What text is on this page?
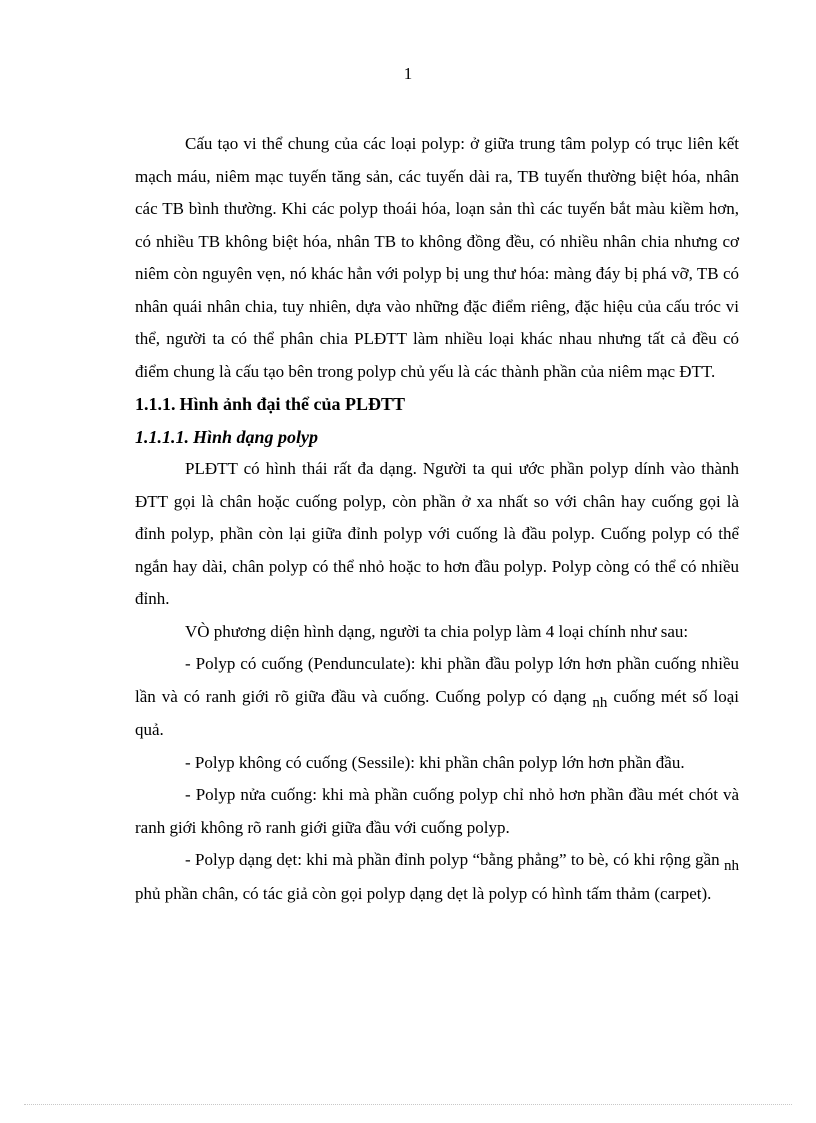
1

Cấu tạo vi thể chung của các loại polyp: ở giữa trung tâm polyp có trục liên kết mạch máu, niêm mạc tuyến tăng sản, các tuyến dài ra, TB tuyến thường biệt hóa, nhân các TB bình thường. Khi các polyp thoái hóa, loạn sản thì các tuyến bắt màu kiềm hơn, có nhiều TB không biệt hóa, nhân TB to không đồng đều, có nhiều nhân chia nhưng cơ niêm còn nguyên vẹn, nó khác hẳn với polyp bị ung thư hóa: màng đáy bị phá vỡ, TB có nhân quái nhân chia, tuy nhiên, dựa vào những đặc điểm riêng, đặc hiệu của cấu tróc vi thể, người ta có thể phân chia PLĐTT làm nhiều loại khác nhau nhưng tất cả đều có điểm chung là cấu tạo bên trong polyp chủ yếu là các thành phần của niêm mạc ĐTT.

1.1.1. Hình ảnh đại thể của PLĐTT
1.1.1.1. Hình dạng polyp

PLĐTT có hình thái rất đa dạng. Người ta qui ước phần polyp dính vào thành ĐTT gọi là chân hoặc cuống polyp, còn phần ở xa nhất so với chân hay cuống gọi là đỉnh polyp, phần còn lại giữa đỉnh polyp với cuống là đầu polyp. Cuống polyp có thể ngắn hay dài, chân polyp có thể nhỏ hoặc to hơn đầu polyp. Polyp còng có thể có nhiều đỉnh.

VÒ phương diện hình dạng, người ta chia polyp làm 4 loại chính như sau:

- Polyp có cuống (Pendunculate): khi phần đầu polyp lớn hơn phần cuống nhiều lần và có ranh giới rõ giữa đầu và cuống. Cuống polyp có dạng nh cuống mét số loại quả.

- Polyp không có cuống (Sessile): khi phần chân polyp lớn hơn phần đầu.

- Polyp nửa cuống: khi mà phần cuống polyp chỉ nhỏ hơn phần đầu mét chót và ranh giới không rõ ranh giới giữa đầu với cuống polyp.

- Polyp dạng dẹt: khi mà phần đỉnh polyp “bằng phẳng” to bè, có khi rộng gần nh phủ phần chân, có tác giả còn gọi polyp dạng dẹt là polyp có hình tấm thảm (carpet).
